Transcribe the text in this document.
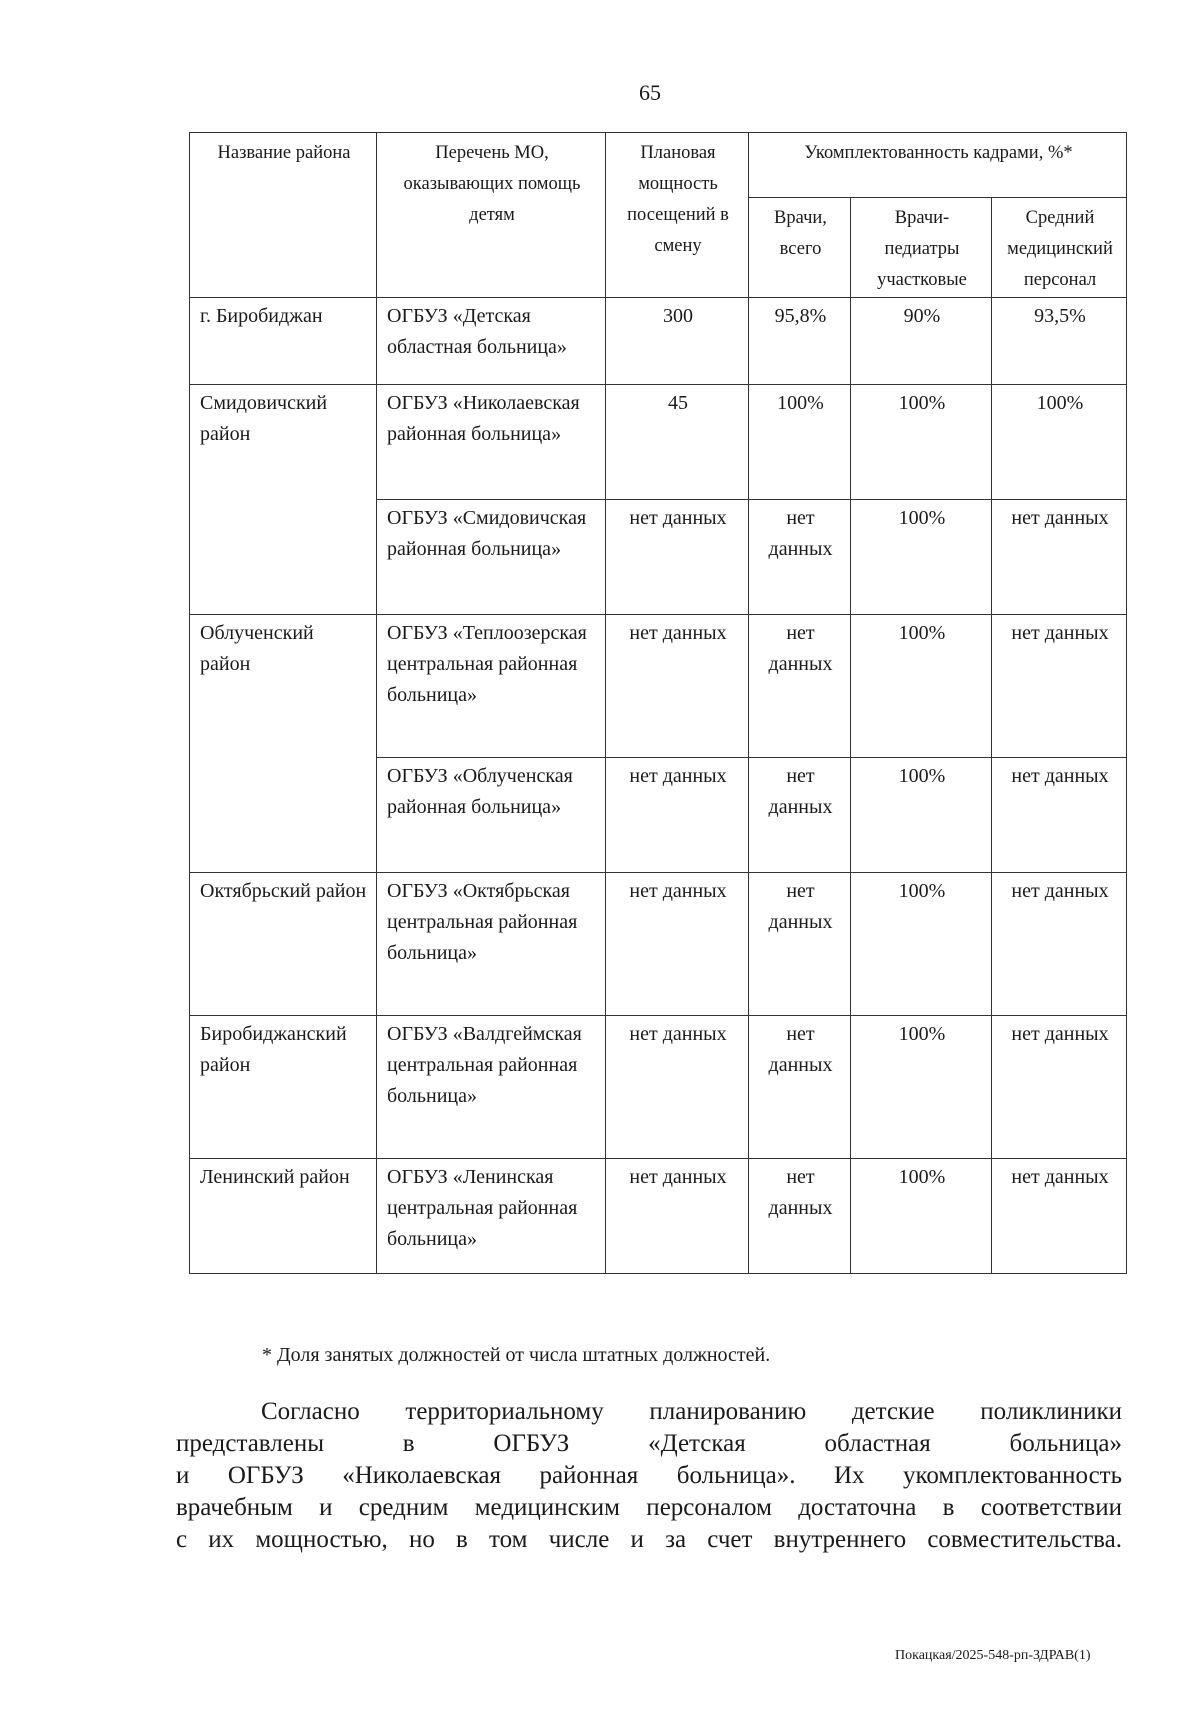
65
Название района	Перечень МО, оказывающих помощь детям	Плановая мощность посещений в смену	Укомплектованность кадрами, %*		
			Врачи, всего	Врачи-педиатры участковые	Средний медицинский персонал
г. Биробиджан	ОГБУЗ «Детская областная больница»	300	95,8%	90%	93,5%
Смидовичский район	ОГБУЗ «Николаевская районная больница»	45	100%	100%	100%
	ОГБУЗ «Смидовичская районная больница»	нет данных	нет данных	100%	нет данных
Облученский район	ОГБУЗ «Теплоозерская центральная районная больница»	нет данных	нет данных	100%	нет данных
	ОГБУЗ «Облученская районная больница»	нет данных	нет данных	100%	нет данных
Октябрьский район	ОГБУЗ «Октябрьская центральная районная больница»	нет данных	нет данных	100%	нет данных
Биробиджанский район	ОГБУЗ «Валдгеймская центральная районная больница»	нет данных	нет данных	100%	нет данных
Ленинский район	ОГБУЗ «Ленинская центральная районная больница»	нет данных	нет данных	100%	нет данных
* Доля занятых должностей от числа штатных должностей.
Согласно территориальному планированию детские поликлиники
представлены в ОГБУЗ «Детская областная больница»
и ОГБУЗ «Николаевская районная больница». Их укомплектованность
врачебным и средним медицинским персоналом достаточна в соответствии
с их мощностью, но в том числе и за счет внутреннего совместительства.
Покацкая/2025-548-рп-ЗДРАВ(1)
